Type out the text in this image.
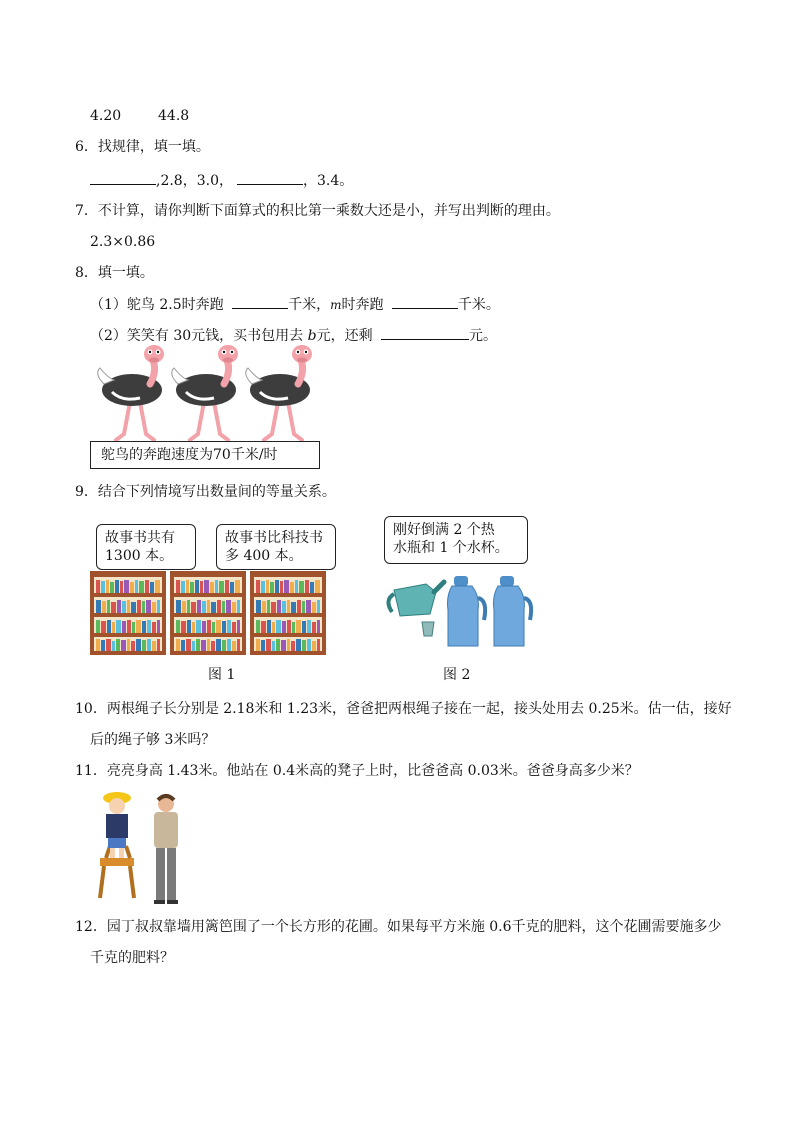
4.20	44.8
6．找规律，填一填。
,2.8，3.0，	，3.4。
7．不计算，请你判断下面算式的积比第一乘数大还是小，并写出判断的理由。
2.3×0.86
8．填一填。
（1）鸵鸟 2.5时奔跑	千米，m时奔跑	千米。
（2）笑笑有 30元钱，买书包用去 b元，还剩	元。
鸵鸟的奔跑速度为70千米/时
9．结合下列情境写出数量间的等量关系。
故事书共有
1300 本。
故事书比科技书
多 400 本。
图 1
刚好倒满 2 个热
水瓶和 1 个水杯。
图 2
10．两根绳子长分别是 2.18米和 1.23米，爸爸把两根绳子接在一起，接头处用去 0.25米。估一估，接好
后的绳子够 3米吗？
11．亮亮身高 1.43米。他站在 0.4米高的凳子上时，比爸爸高 0.03米。爸爸身高多少米？
12．园丁叔叔靠墙用篱笆围了一个长方形的花圃。如果每平方米施 0.6千克的肥料，这个花圃需要施多少
千克的肥料？
